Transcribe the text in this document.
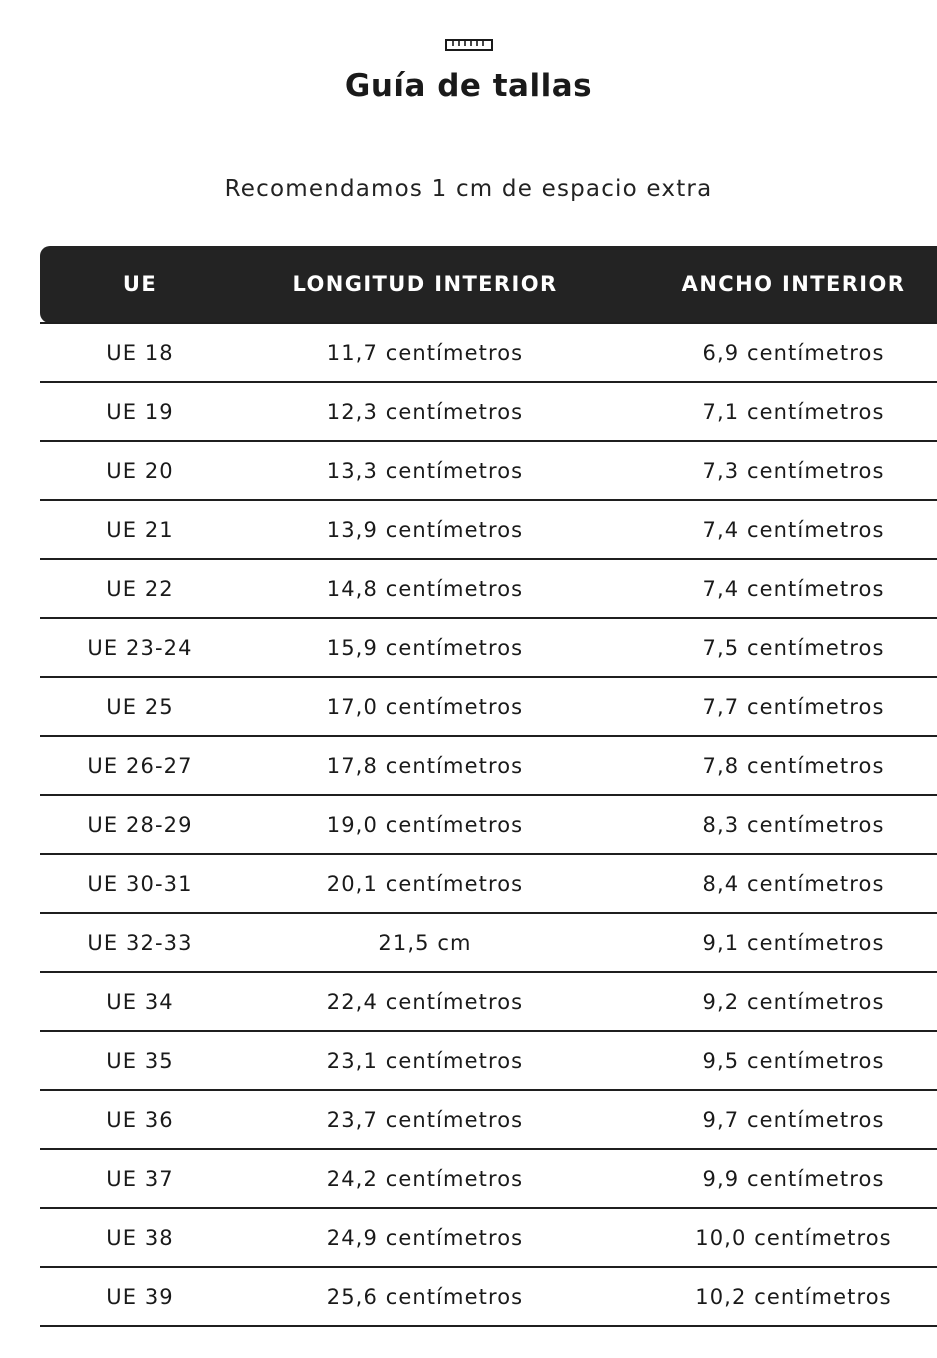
Guía de tallas

Recomendamos 1 cm de espacio extra

UE	LONGITUD INTERIOR	ANCHO INTERIOR
UE 18	11,7 centímetros	6,9 centímetros
UE 19	12,3 centímetros	7,1 centímetros
UE 20	13,3 centímetros	7,3 centímetros
UE 21	13,9 centímetros	7,4 centímetros
UE 22	14,8 centímetros	7,4 centímetros
UE 23-24	15,9 centímetros	7,5 centímetros
UE 25	17,0 centímetros	7,7 centímetros
UE 26-27	17,8 centímetros	7,8 centímetros
UE 28-29	19,0 centímetros	8,3 centímetros
UE 30-31	20,1 centímetros	8,4 centímetros
UE 32-33	21,5 cm	9,1 centímetros
UE 34	22,4 centímetros	9,2 centímetros
UE 35	23,1 centímetros	9,5 centímetros
UE 36	23,7 centímetros	9,7 centímetros
UE 37	24,2 centímetros	9,9 centímetros
UE 38	24,9 centímetros	10,0 centímetros
UE 39	25,6 centímetros	10,2 centímetros
